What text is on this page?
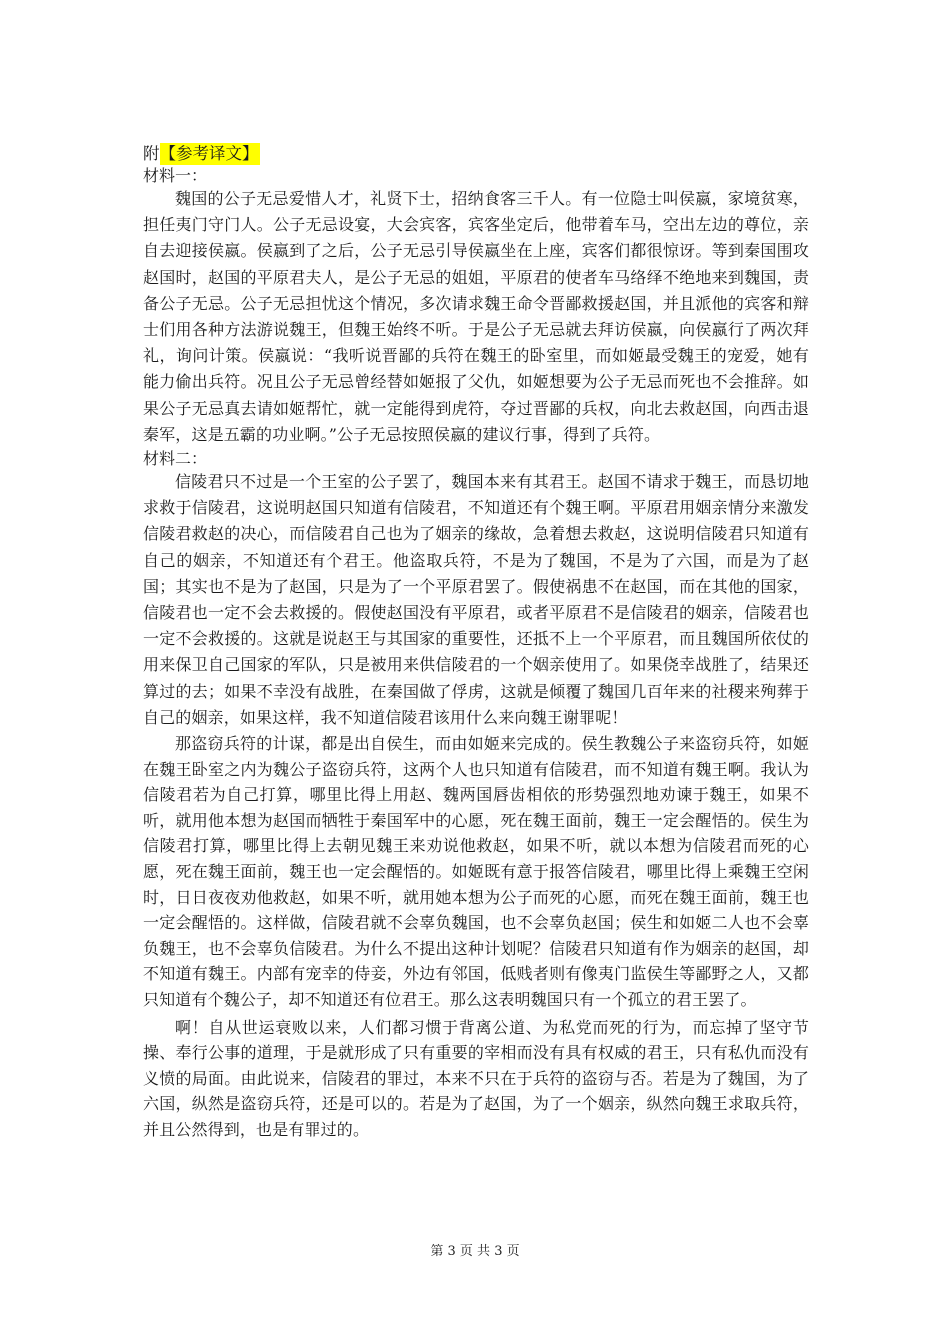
附【参考译文】

材料一：

魏国的公子无忌爱惜人才，礼贤下士，招纳食客三千人。有一位隐士叫侯嬴，家境贫寒，担任夷门守门人。公子无忌设宴，大会宾客，宾客坐定后，他带着车马，空出左边的尊位，亲自去迎接侯嬴。侯嬴到了之后，公子无忌引导侯嬴坐在上座，宾客们都很惊讶。等到秦国围攻赵国时，赵国的平原君夫人，是公子无忌的姐姐，平原君的使者车马络绎不绝地来到魏国，责备公子无忌。公子无忌担忧这个情况，多次请求魏王命令晋鄙救援赵国，并且派他的宾客和辩士们用各种方法游说魏王，但魏王始终不听。于是公子无忌就去拜访侯嬴，向侯嬴行了两次拜礼，询问计策。侯嬴说：“我听说晋鄙的兵符在魏王的卧室里，而如姬最受魏王的宠爱，她有能力偷出兵符。况且公子无忌曾经替如姬报了父仇，如姬想要为公子无忌而死也不会推辞。如果公子无忌真去请如姬帮忙，就一定能得到虎符，夺过晋鄙的兵权，向北去救赵国，向西击退秦军，这是五霸的功业啊。”公子无忌按照侯嬴的建议行事，得到了兵符。

材料二：

信陵君只不过是一个王室的公子罢了，魏国本来有其君王。赵国不请求于魏王，而恳切地求救于信陵君，这说明赵国只知道有信陵君，不知道还有个魏王啊。平原君用姻亲情分来激发信陵君救赵的决心，而信陵君自己也为了姻亲的缘故，急着想去救赵，这说明信陵君只知道有自己的姻亲，不知道还有个君王。他盗取兵符，不是为了魏国，不是为了六国，而是为了赵国；其实也不是为了赵国，只是为了一个平原君罢了。假使祸患不在赵国，而在其他的国家，信陵君也一定不会去救援的。假使赵国没有平原君，或者平原君不是信陵君的姻亲，信陵君也一定不会救援的。这就是说赵王与其国家的重要性，还抵不上一个平原君，而且魏国所依仗的用来保卫自己国家的军队，只是被用来供信陵君的一个姻亲使用了。如果侥幸战胜了，结果还算过的去；如果不幸没有战胜，在秦国做了俘虏，这就是倾覆了魏国几百年来的社稷来殉葬于自己的姻亲，如果这样，我不知道信陵君该用什么来向魏王谢罪呢！

那盗窃兵符的计谋，都是出自侯生，而由如姬来完成的。侯生教魏公子来盗窃兵符，如姬在魏王卧室之内为魏公子盗窃兵符，这两个人也只知道有信陵君，而不知道有魏王啊。我认为信陵君若为自己打算，哪里比得上用赵、魏两国唇齿相依的形势强烈地劝谏于魏王，如果不听，就用他本想为赵国而牺牲于秦国军中的心愿，死在魏王面前，魏王一定会醒悟的。侯生为信陵君打算，哪里比得上去朝见魏王来劝说他救赵，如果不听，就以本想为信陵君而死的心愿，死在魏王面前，魏王也一定会醒悟的。如姬既有意于报答信陵君，哪里比得上乘魏王空闲时，日日夜夜劝他救赵，如果不听，就用她本想为公子而死的心愿，而死在魏王面前，魏王也一定会醒悟的。这样做，信陵君就不会辜负魏国，也不会辜负赵国；侯生和如姬二人也不会辜负魏王，也不会辜负信陵君。为什么不提出这种计划呢？信陵君只知道有作为姻亲的赵国，却不知道有魏王。内部有宠幸的侍妾，外边有邻国，低贱者则有像夷门监侯生等鄙野之人，又都只知道有个魏公子，却不知道还有位君王。那么这表明魏国只有一个孤立的君王罢了。

啊！自从世运衰败以来，人们都习惯于背离公道、为私党而死的行为，而忘掉了坚守节操、奉行公事的道理，于是就形成了只有重要的宰相而没有具有权威的君王，只有私仇而没有义愤的局面。由此说来，信陵君的罪过，本来不只在于兵符的盗窃与否。若是为了魏国，为了六国，纵然是盗窃兵符，还是可以的。若是为了赵国，为了一个姻亲，纵然向魏王求取兵符，并且公然得到，也是有罪过的。

第 3 页 共 3 页
